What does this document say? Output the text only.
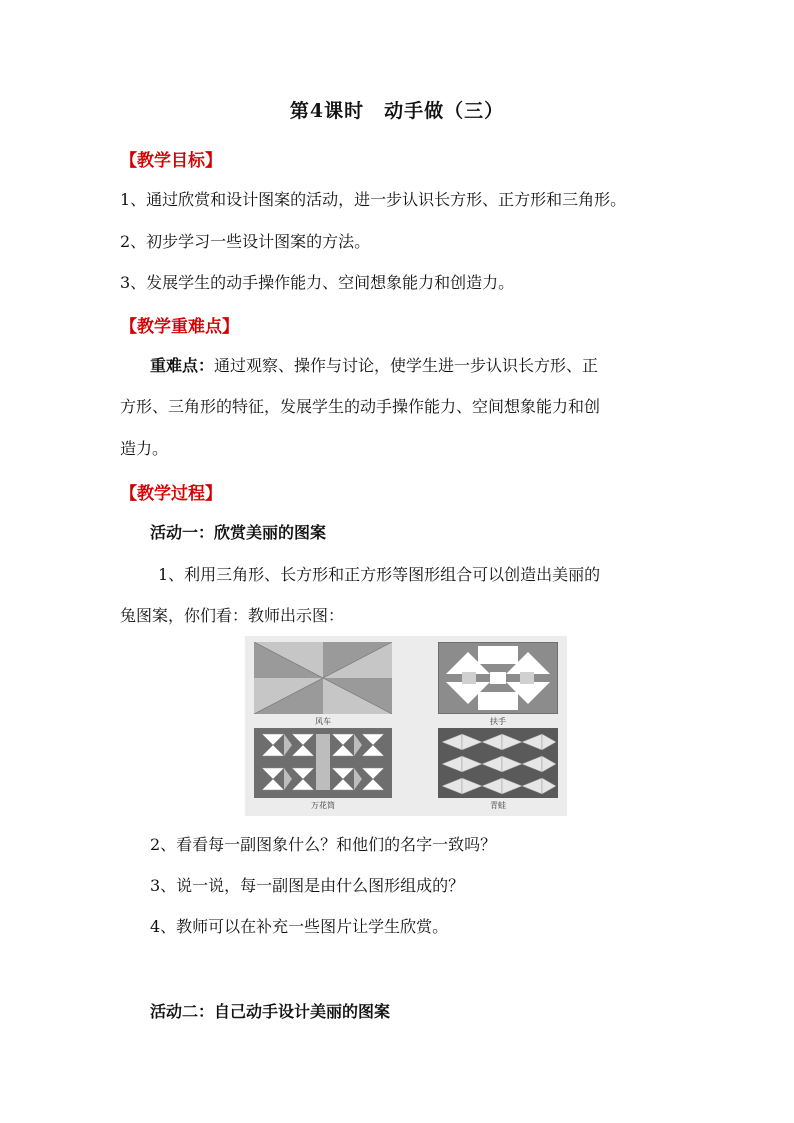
第4课时　动手做（三）
【教学目标】
1、通过欣赏和设计图案的活动，进一步认识长方形、正方形和三角形。
2、初步学习一些设计图案的方法。
3、发展学生的动手操作能力、空间想象能力和创造力。
【教学重难点】
重难点：通过观察、操作与讨论，使学生进一步认识长方形、正
方形、三角形的特征，发展学生的动手操作能力、空间想象能力和创
造力。
【教学过程】
活动一：欣赏美丽的图案
1、利用三角形、长方形和正方形等图形组合可以创造出美丽的
兔图案，你们看：教师出示图：
风车	扶手
万花筒	青蛙
2、看看每一副图象什么？和他们的名字一致吗？
3、说一说，每一副图是由什么图形组成的？
4、教师可以在补充一些图片让学生欣赏。
活动二：自己动手设计美丽的图案
